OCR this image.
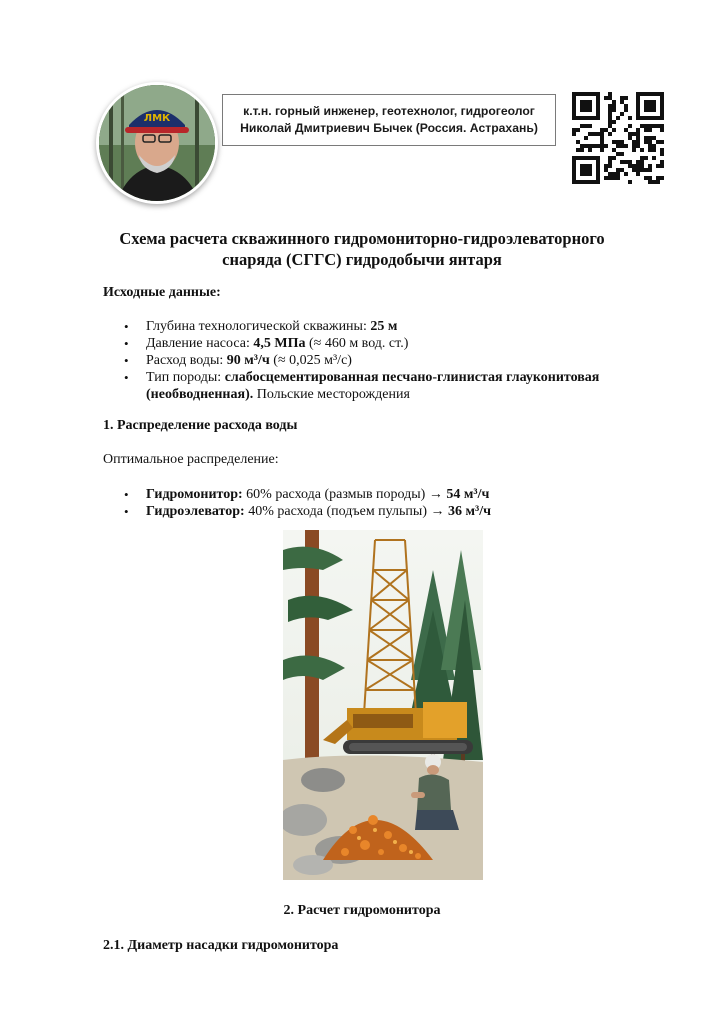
ЛМК
к.т.н. горный инженер, геотехнолог, гидрогеолог
Николай Дмитриевич Бычек (Россия. Астрахань)
Схема расчета скважинного гидромониторно-гидроэлеваторного
снаряда (СГГС) гидродобычи янтаря
Исходные данные:
• Глубина технологической скважины: 25 м
• Давление насоса: 4,5 МПа (≈ 460 м вод. ст.)
• Расход воды: 90 м³/ч (≈ 0,025 м³/с)
• Тип породы: слабосцементированная песчано-глинистая глауконитовая (необводненная). Польские месторождения
1. Распределение расхода воды
Оптимальное распределение:
• Гидромонитор: 60% расхода (размыв породы) → 54 м³/ч
• Гидроэлеватор: 40% расхода (подъем пульпы) → 36 м³/ч
2. Расчет гидромонитора
2.1. Диаметр насадки гидромонитора
